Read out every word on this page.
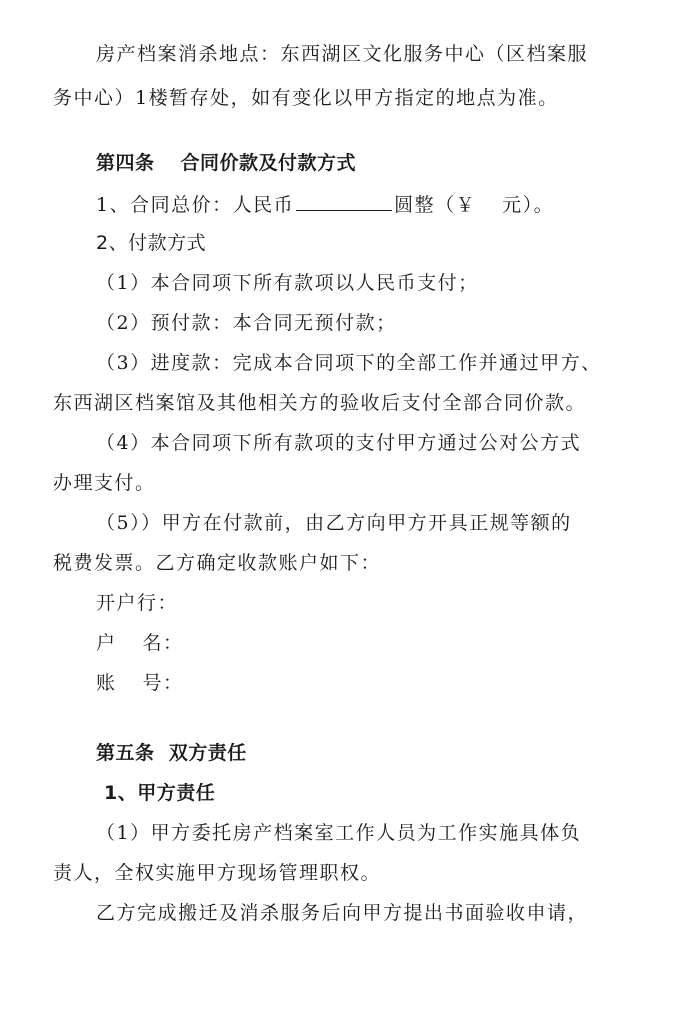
房产档案消杀地点：东西湖区文化服务中心（区档案服
务中心）1楼暂存处，如有变化以甲方指定的地点为准。
第四条 合同价款及付款方式
1、合同总价：人民币	圆整（￥ 元）。
2、付款方式
（1）本合同项下所有款项以人民币支付；
（2）预付款：本合同无预付款；
（3）进度款：完成本合同项下的全部工作并通过甲方、
东西湖区档案馆及其他相关方的验收后支付全部合同价款。
（4）本合同项下所有款项的支付甲方通过公对公方式
办理支付。
（5））甲方在付款前，由乙方向甲方开具正规等额的
税费发票。乙方确定收款账户如下：
开户行：
户 名：
账 号：
第五条  双方责任
1、甲方责任
（1）甲方委托房产档案室工作人员为工作实施具体负
责人，全权实施甲方现场管理职权。
乙方完成搬迁及消杀服务后向甲方提出书面验收申请，
